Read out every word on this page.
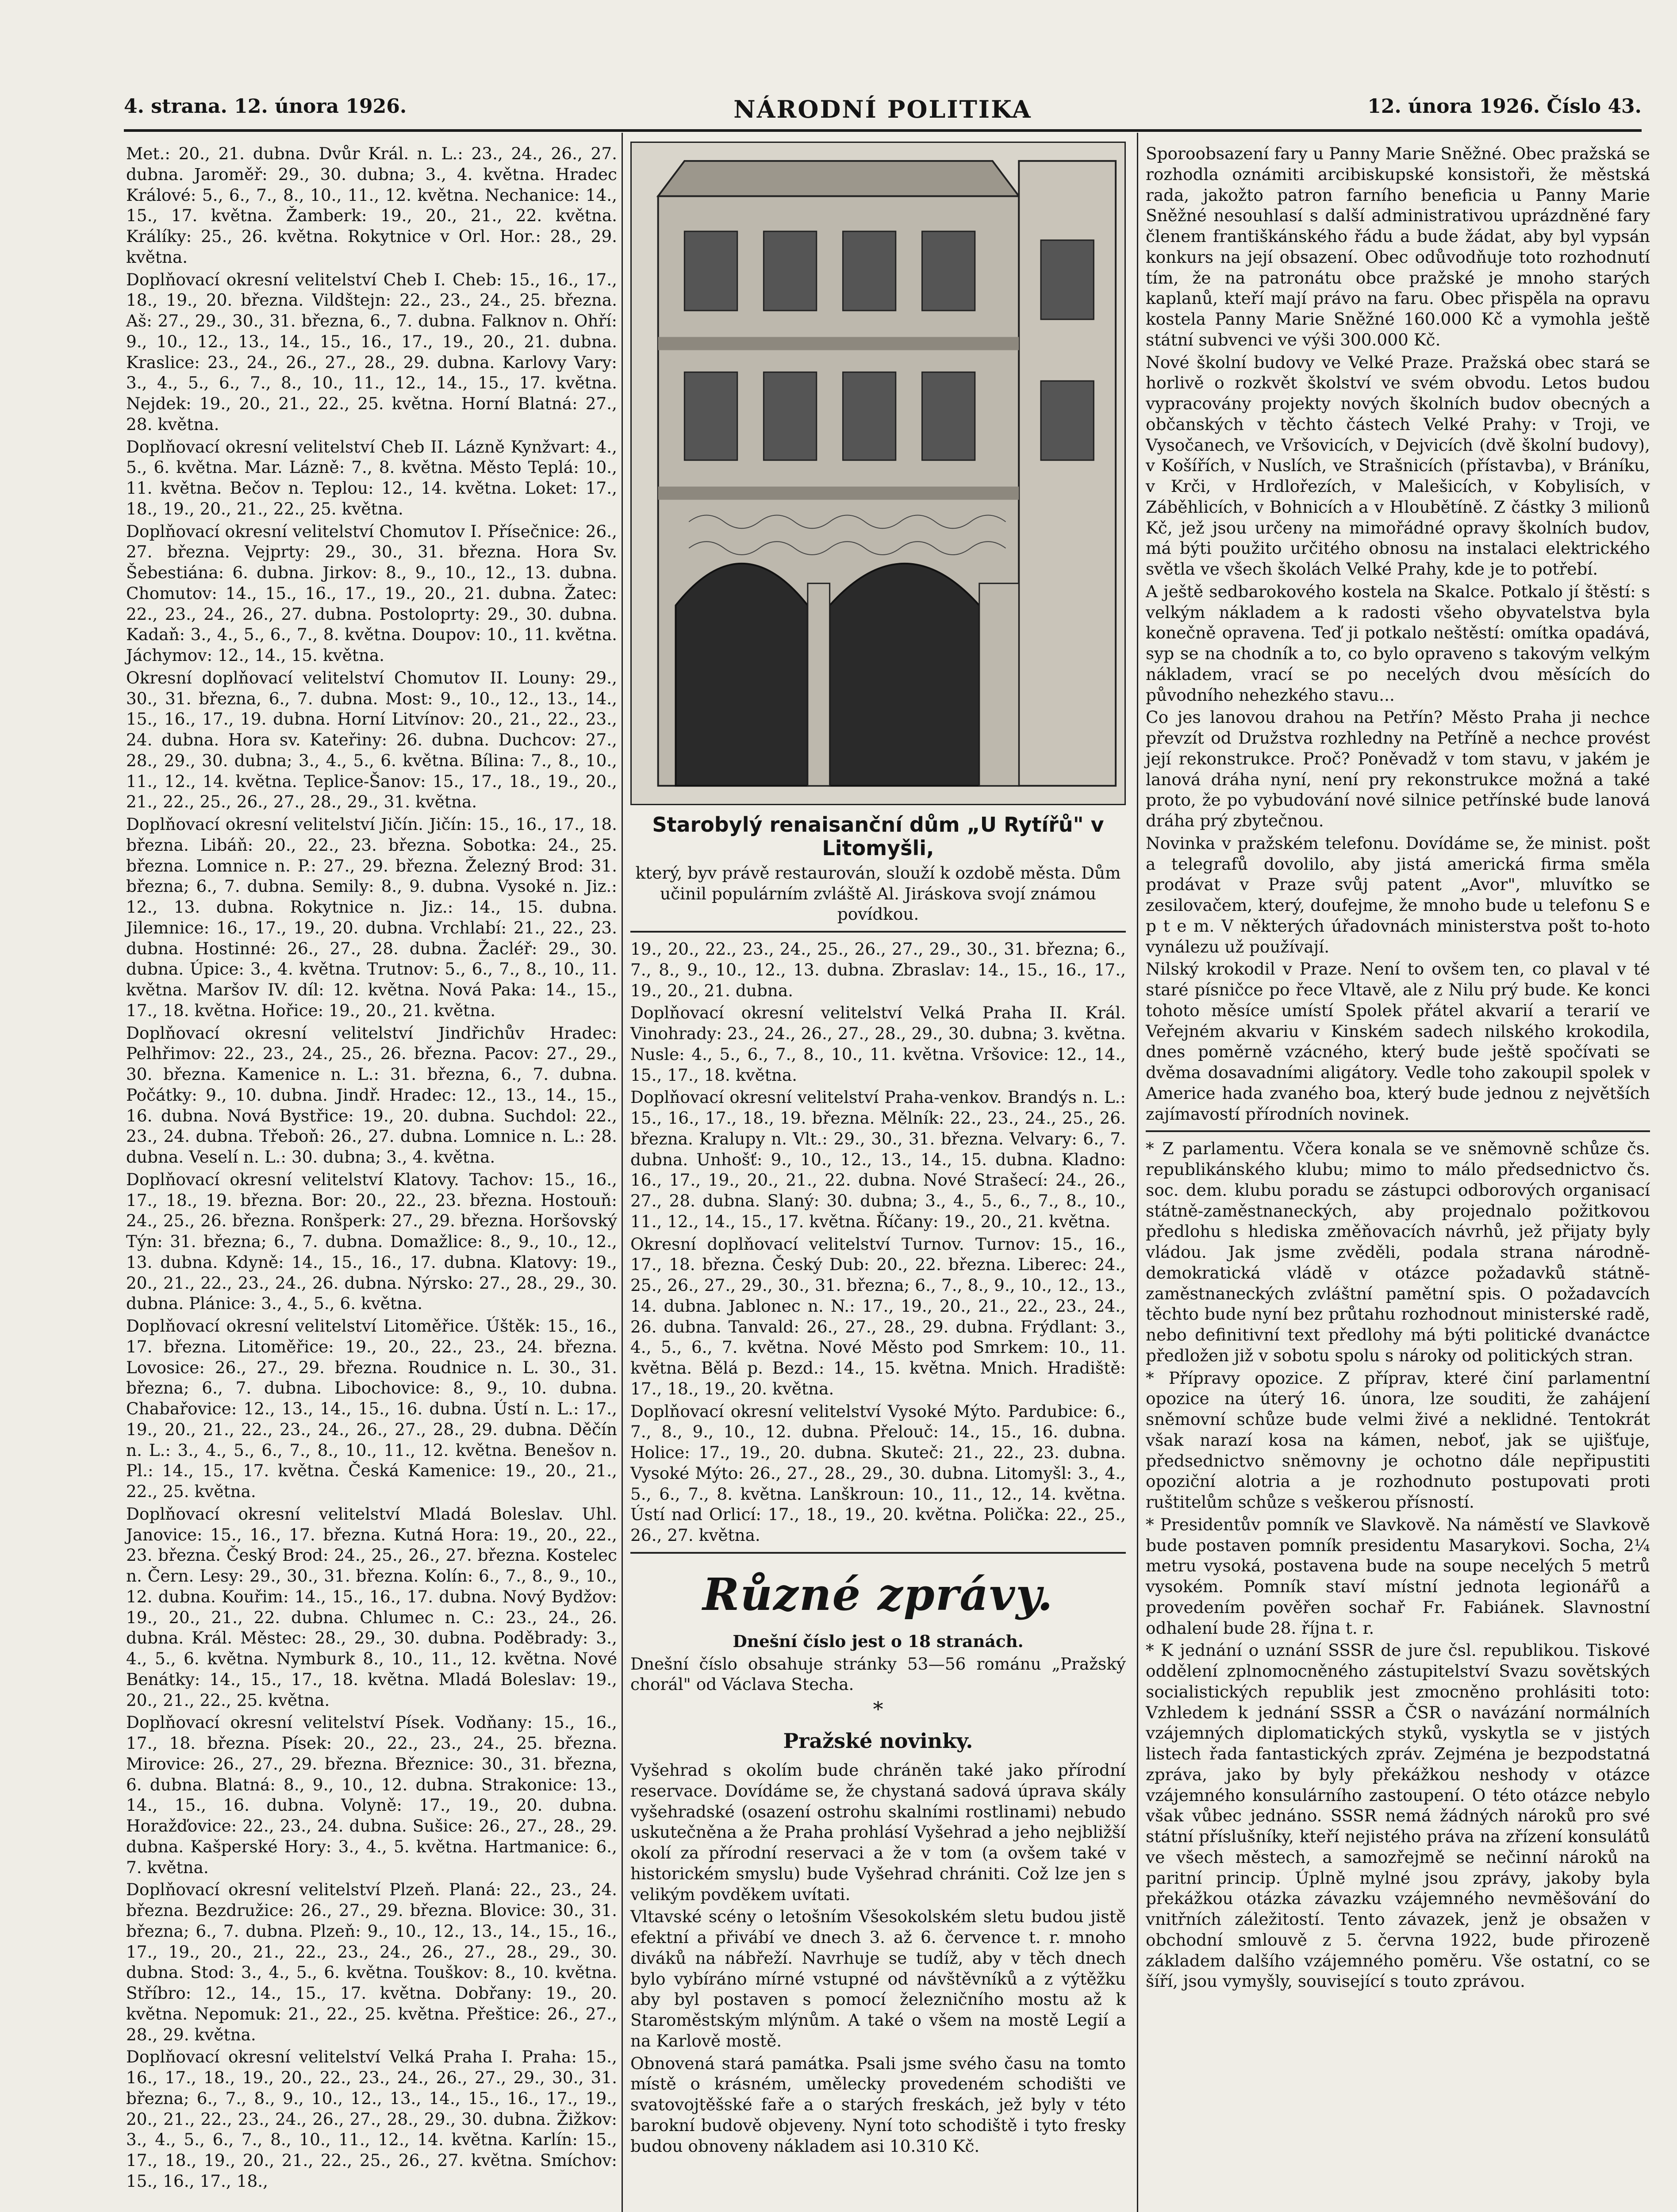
4. strana. 12. února 1926.	NÁRODNÍ POLITIKA	12. února 1926. Číslo 43.

Met.: 20., 21. dubna. Dvůr Král. n. L.: 23., 24., 26., 27. dubna. Jaroměř: 29., 30. dubna; 3., 4. května. Hradec Králové: 5., 6., 7., 8., 10., 11., 12. května. Nechanice: 14., 15., 17. května. Žamberk: 19., 20., 21., 22. května. Králíky: 25., 26. května. Rokytnice v Orl. Hor.: 28., 29. května.

Doplňovací okresní velitelství Cheb I. Cheb: 15., 16., 17., 18., 19., 20. března. Vildštejn: 22., 23., 24., 25. března. Aš: 27., 29., 30., 31. března, 6., 7. dubna. Falknov n. Ohří: 9., 10., 12., 13., 14., 15., 16., 17., 19., 20., 21. dubna. Kraslice: 23., 24., 26., 27., 28., 29. dubna. Karlovy Vary: 3., 4., 5., 6., 7., 8., 10., 11., 12., 14., 15., 17. května. Nejdek: 19., 20., 21., 22., 25. května. Horní Blatná: 27., 28. května.

Doplňovací okresní velitelství Cheb II. Lázně Kynžvart: 4., 5., 6. května. Mar. Lázně: 7., 8. května. Město Teplá: 10., 11. května. Bečov n. Teplou: 12., 14. května. Loket: 17., 18., 19., 20., 21., 22., 25. května.

Doplňovací okresní velitelství Chomutov I. Přísečnice: 26., 27. března. Vejprty: 29., 30., 31. března. Hora Sv. Šebestiána: 6. dubna. Jirkov: 8., 9., 10., 12., 13. dubna. Chomutov: 14., 15., 16., 17., 19., 20., 21. dubna. Žatec: 22., 23., 24., 26., 27. dubna. Postoloprty: 29., 30. dubna. Kadaň: 3., 4., 5., 6., 7., 8. května. Doupov: 10., 11. května. Jáchymov: 12., 14., 15. května.

Okresní doplňovací velitelství Chomutov II. Louny: 29., 30., 31. března, 6., 7. dubna. Most: 9., 10., 12., 13., 14., 15., 16., 17., 19. dubna. Horní Litvínov: 20., 21., 22., 23., 24. dubna. Hora sv. Kateřiny: 26. dubna. Duchcov: 27., 28., 29., 30. dubna; 3., 4., 5., 6. května. Bílina: 7., 8., 10., 11., 12., 14. května. Teplice-Šanov: 15., 17., 18., 19., 20., 21., 22., 25., 26., 27., 28., 29., 31. května.

Doplňovací okresní velitelství Jičín. Jičín: 15., 16., 17., 18. března. Libáň: 20., 22., 23. března. Sobotka: 24., 25. března. Lomnice n. P.: 27., 29. března. Železný Brod: 31. března; 6., 7. dubna. Semily: 8., 9. dubna. Vysoké n. Jiz.: 12., 13. dubna. Rokytnice n. Jiz.: 14., 15. dubna. Jilemnice: 16., 17., 19., 20. dubna. Vrchlabí: 21., 22., 23. dubna. Hostinné: 26., 27., 28. dubna. Žacléř: 29., 30. dubna. Úpice: 3., 4. května. Trutnov: 5., 6., 7., 8., 10., 11. května. Maršov IV. díl: 12. května. Nová Paka: 14., 15., 17., 18. května. Hořice: 19., 20., 21. května.

Doplňovací okresní velitelství Jindřichův Hradec: Pelhřimov: 22., 23., 24., 25., 26. března. Pacov: 27., 29., 30. března. Kamenice n. L.: 31. března, 6., 7. dubna. Počátky: 9., 10. dubna. Jindř. Hradec: 12., 13., 14., 15., 16. dubna. Nová Bystřice: 19., 20. dubna. Suchdol: 22., 23., 24. dubna. Třeboň: 26., 27. dubna. Lomnice n. L.: 28. dubna. Veselí n. L.: 30. dubna; 3., 4. května.

Doplňovací okresní velitelství Klatovy. Tachov: 15., 16., 17., 18., 19. března. Bor: 20., 22., 23. března. Hostouň: 24., 25., 26. března. Ronšperk: 27., 29. března. Horšovský Týn: 31. března; 6., 7. dubna. Domažlice: 8., 9., 10., 12., 13. dubna. Kdyně: 14., 15., 16., 17. dubna. Klatovy: 19., 20., 21., 22., 23., 24., 26. dubna. Nýrsko: 27., 28., 29., 30. dubna. Plánice: 3., 4., 5., 6. května.

Doplňovací okresní velitelství Litoměřice. Úštěk: 15., 16., 17. března. Litoměřice: 19., 20., 22., 23., 24. března. Lovosice: 26., 27., 29. března. Roudnice n. L. 30., 31. března; 6., 7. dubna. Libochovice: 8., 9., 10. dubna. Chabařovice: 12., 13., 14., 15., 16. dubna. Ústí n. L.: 17., 19., 20., 21., 22., 23., 24., 26., 27., 28., 29. dubna. Děčín n. L.: 3., 4., 5., 6., 7., 8., 10., 11., 12. května. Benešov n. Pl.: 14., 15., 17. května. Česká Kamenice: 19., 20., 21., 22., 25. května.

Doplňovací okresní velitelství Mladá Boleslav. Uhl. Janovice: 15., 16., 17. března. Kutná Hora: 19., 20., 22., 23. března. Český Brod: 24., 25., 26., 27. března. Kostelec n. Čern. Lesy: 29., 30., 31. března. Kolín: 6., 7., 8., 9., 10., 12. dubna. Kouřim: 14., 15., 16., 17. dubna. Nový Bydžov: 19., 20., 21., 22. dubna. Chlumec n. C.: 23., 24., 26. dubna. Král. Městec: 28., 29., 30. dubna. Poděbrady: 3., 4., 5., 6. května. Nymburk 8., 10., 11., 12. května. Nové Benátky: 14., 15., 17., 18. května. Mladá Boleslav: 19., 20., 21., 22., 25. května.

Doplňovací okresní velitelství Písek. Vodňany: 15., 16., 17., 18. března. Písek: 20., 22., 23., 24., 25. března. Mirovice: 26., 27., 29. března. Březnice: 30., 31. března, 6. dubna. Blatná: 8., 9., 10., 12. dubna. Strakonice: 13., 14., 15., 16. dubna. Volyně: 17., 19., 20. dubna. Horažďovice: 22., 23., 24. dubna. Sušice: 26., 27., 28., 29. dubna. Kašperské Hory: 3., 4., 5. května. Hartmanice: 6., 7. května.

Doplňovací okresní velitelství Plzeň. Planá: 22., 23., 24. března. Bezdružice: 26., 27., 29. března. Blovice: 30., 31. března; 6., 7. dubna. Plzeň: 9., 10., 12., 13., 14., 15., 16., 17., 19., 20., 21., 22., 23., 24., 26., 27., 28., 29., 30. dubna. Stod: 3., 4., 5., 6. května. Touškov: 8., 10. května. Stříbro: 12., 14., 15., 17. května. Dobřany: 19., 20. května. Nepomuk: 21., 22., 25. května. Přeštice: 26., 27., 28., 29. května.

Doplňovací okresní velitelství Velká Praha I. Praha: 15., 16., 17., 18., 19., 20., 22., 23., 24., 26., 27., 29., 30., 31. března; 6., 7., 8., 9., 10., 12., 13., 14., 15., 16., 17., 19., 20., 21., 22., 23., 24., 26., 27., 28., 29., 30. dubna. Žižkov: 3., 4., 5., 6., 7., 8., 10., 11., 12., 14. května. Karlín: 15., 17., 18., 19., 20., 21., 22., 25., 26., 27. května. Smíchov: 15., 16., 17., 18.,

Starobylý renaisanční dům „U Rytířů" v Litomyšli,
který, byv právě restaurován, slouží k ozdobě města. Dům učinil populárním zvláště Al. Jiráskova svojí známou povídkou.

19., 20., 22., 23., 24., 25., 26., 27., 29., 30., 31. března; 6., 7., 8., 9., 10., 12., 13. dubna. Zbraslav: 14., 15., 16., 17., 19., 20., 21. dubna.

Doplňovací okresní velitelství Velká Praha II. Král. Vinohrady: 23., 24., 26., 27., 28., 29., 30. dubna; 3. května. Nusle: 4., 5., 6., 7., 8., 10., 11. května. Vršovice: 12., 14., 15., 17., 18. května.

Doplňovací okresní velitelství Praha-venkov. Brandýs n. L.: 15., 16., 17., 18., 19. března. Mělník: 22., 23., 24., 25., 26. března. Kralupy n. Vlt.: 29., 30., 31. března. Velvary: 6., 7. dubna. Unhošť: 9., 10., 12., 13., 14., 15. dubna. Kladno: 16., 17., 19., 20., 21., 22. dubna. Nové Strašecí: 24., 26., 27., 28. dubna. Slaný: 30. dubna; 3., 4., 5., 6., 7., 8., 10., 11., 12., 14., 15., 17. května. Říčany: 19., 20., 21. května.

Okresní doplňovací velitelství Turnov. Turnov: 15., 16., 17., 18. března. Český Dub: 20., 22. března. Liberec: 24., 25., 26., 27., 29., 30., 31. března; 6., 7., 8., 9., 10., 12., 13., 14. dubna. Jablonec n. N.: 17., 19., 20., 21., 22., 23., 24., 26. dubna. Tanvald: 26., 27., 28., 29. dubna. Frýdlant: 3., 4., 5., 6., 7. května. Nové Město pod Smrkem: 10., 11. května. Bělá p. Bezd.: 14., 15. května. Mnich. Hradiště: 17., 18., 19., 20. května.

Doplňovací okresní velitelství Vysoké Mýto. Pardubice: 6., 7., 8., 9., 10., 12. dubna. Přelouč: 14., 15., 16. dubna. Holice: 17., 19., 20. dubna. Skuteč: 21., 22., 23. dubna. Vysoké Mýto: 26., 27., 28., 29., 30. dubna. Litomyšl: 3., 4., 5., 6., 7., 8. května. Lanškroun: 10., 11., 12., 14. května. Ústí nad Orlicí: 17., 18., 19., 20. května. Polička: 22., 25., 26., 27. května.

Různé zprávy.

Dnešní číslo jest o 18 stranách.

Dnešní číslo obsahuje stránky 53—56 románu „Pražský chorál" od Václava Stecha.

*
Pražské novinky.

Vyšehrad s okolím bude chráněn také jako přírodní reservace. Dovídáme se, že chystaná sadová úprava skály vyšehradské (osazení ostrohu skalními rostlinami) nebudo uskutečněna a že Praha prohlásí Vyšehrad a jeho nejbližší okolí za přírodní reservaci a že v tom (a ovšem také v historickém smyslu) bude Vyšehrad chrániti. Což lze jen s velikým povděkem uvítati.

Vltavské scény o letošním Všesokolském sletu budou jistě efektní a přivábí ve dnech 3. až 6. července t. r. mnoho diváků na nábřeží. Navrhuje se tudíž, aby v těch dnech bylo vybíráno mírné vstupné od návštěvníků a z výtěžku aby byl postaven s pomocí železničního mostu až k Staroměstským mlýnům. A také o všem na mostě Legií a na Karlově mostě.

Obnovená stará památka. Psali jsme svého času na tomto místě o krásném, umělecky provedeném schodišti ve svatovojtěšské faře a o starých freskách, jež byly v této barokní budově objeveny. Nyní toto schodiště i tyto fresky budou obnoveny nákladem asi 10.310 Kč.

Sporoobsazení fary u Panny Marie Sněžné. Obec pražská se rozhodla oznámiti arcibiskupské konsistoři, že městská rada, jakožto patron farního beneficia u Panny Marie Sněžné nesouhlasí s další administrativou uprázdněné fary členem františkánského řádu a bude žádat, aby byl vypsán konkurs na její obsazení. Obec odůvodňuje toto rozhodnutí tím, že na patronátu obce pražské je mnoho starých kaplanů, kteří mají právo na faru. Obec přispěla na opravu kostela Panny Marie Sněžné 160.000 Kč a vymohla ještě státní subvenci ve výši 300.000 Kč.

Nové školní budovy ve Velké Praze. Pražská obec stará se horlivě o rozkvět školství ve svém obvodu. Letos budou vypracovány projekty nových školních budov obecných a občanských v těchto částech Velké Prahy: v Troji, ve Vysočanech, ve Vršovicích, v Dejvicích (dvě školní budovy), v Košířích, v Nuslích, ve Strašnicích (přístavba), v Bráníku, v Krči, v Hrdlořezích, v Malešicích, v Kobylisích, v Záběhlicích, v Bohnicích a v Hloubětíně. Z částky 3 milionů Kč, jež jsou určeny na mimořádné opravy školních budov, má býti použito určitého obnosu na instalaci elektrického světla ve všech školách Velké Prahy, kde je to potřebí.

A ještě sedbarokového kostela na Skalce. Potkalo jí štěstí: s velkým nákladem a k radosti všeho obyvatelstva byla konečně opravena. Teď ji potkalo neštěstí: omítka opadává, syp se na chodník a to, co bylo opraveno s takovým velkým nákladem, vrací se po necelých dvou měsících do původního nehezkého stavu...

Co jes lanovou drahou na Petřín? Město Praha ji nechce převzít od Družstva rozhledny na Petříně a nechce provést její rekonstrukce. Proč? Poněvadž v tom stavu, v jakém je lanová dráha nyní, není pry rekonstrukce možná a také proto, že po vybudování nové silnice petřínské bude lanová dráha prý zbytečnou.

Novinka v pražském telefonu. Dovídáme se, že minist. pošt a telegrafů dovolilo, aby jistá americká firma směla prodávat v Praze svůj patent „Avor", mluvítko se zesilovačem, který, doufejme, že mnoho bude u telefonu S e p t e m. V některých úřadovnách ministerstva pošt to-hoto vynálezu už používají.

Nilský krokodil v Praze. Není to ovšem ten, co plaval v té staré písničce po řece Vltavě, ale z Nilu prý bude. Ke konci tohoto měsíce umístí Spolek přátel akvarií a terarií ve Veřejném akvariu v Kinském sadech nilského krokodila, dnes poměrně vzácného, který bude ještě spočívati se dvěma dosavadními aligátory. Vedle toho zakoupil spolek v Americe hada zvaného boa, který bude jednou z největších zajímavostí přírodních novinek.

* Z parlamentu. Včera konala se ve sněmovně schůze čs. republikánského klubu; mimo to málo předsednictvo čs. soc. dem. klubu poradu se zástupci odborových organisací státně-zaměstnaneckých, aby projednalo požitkovou předlohu s hlediska změňovacích návrhů, jež přijaty byly vládou. Jak jsme zvěděli, podala strana národně-demokratická vládě v otázce požadavků státně-zaměstnaneckých zvláštní pamětní spis. O požadavcích těchto bude nyní bez průtahu rozhodnout ministerské radě, nebo definitivní text předlohy má býti politické dvanáctce předložen již v sobotu spolu s nároky od politických stran.

* Přípravy opozice. Z příprav, které činí parlamentní opozice na úterý 16. února, lze souditi, že zahájení sněmovní schůze bude velmi živé a neklidné. Tentokrát však narazí kosa na kámen, neboť, jak se ujišťuje, předsednictvo sněmovny je ochotno dále nepřipustiti opoziční alotria a je rozhodnuto postupovati proti ruštitelům schůze s veškerou přísností.

* Presidentův pomník ve Slavkově. Na náměstí ve Slavkově bude postaven pomník presidentu Masarykovi. Socha, 2¼ metru vysoká, postavena bude na soupe necelých 5 metrů vysokém. Pomník staví místní jednota legionářů a provedením pověřen sochař Fr. Fabiánek. Slavnostní odhalení bude 28. října t. r.

* K jednání o uznání SSSR de jure čsl. republikou. Tiskové oddělení zplnomocněného zástupitelství Svazu sovětských socialistických republik jest zmocněno prohlásiti toto: Vzhledem k jednání SSSR a ČSR o navázání normálních vzájemných diplomatických styků, vyskytla se v jistých listech řada fantastických zpráv. Zejména je bezpodstatná zpráva, jako by byly překážkou neshody v otázce vzájemného konsulárního zastoupení. O této otázce nebylo však vůbec jednáno. SSSR nemá žádných nároků pro své státní příslušníky, kteří nejistého práva na zřízení konsulátů ve všech městech, a samozřejmě se nečinní nároků na paritní princip. Úplně mylné jsou zprávy, jakoby byla překážkou otázka závazku vzájemného nevměšování do vnitřních záležitostí. Tento závazek, jenž je obsažen v obchodní smlouvě z 5. června 1922, bude přirozeně základem dalšího vzájemného poměru. Vše ostatní, co se šíří, jsou vymyšly, související s touto zprávou.
